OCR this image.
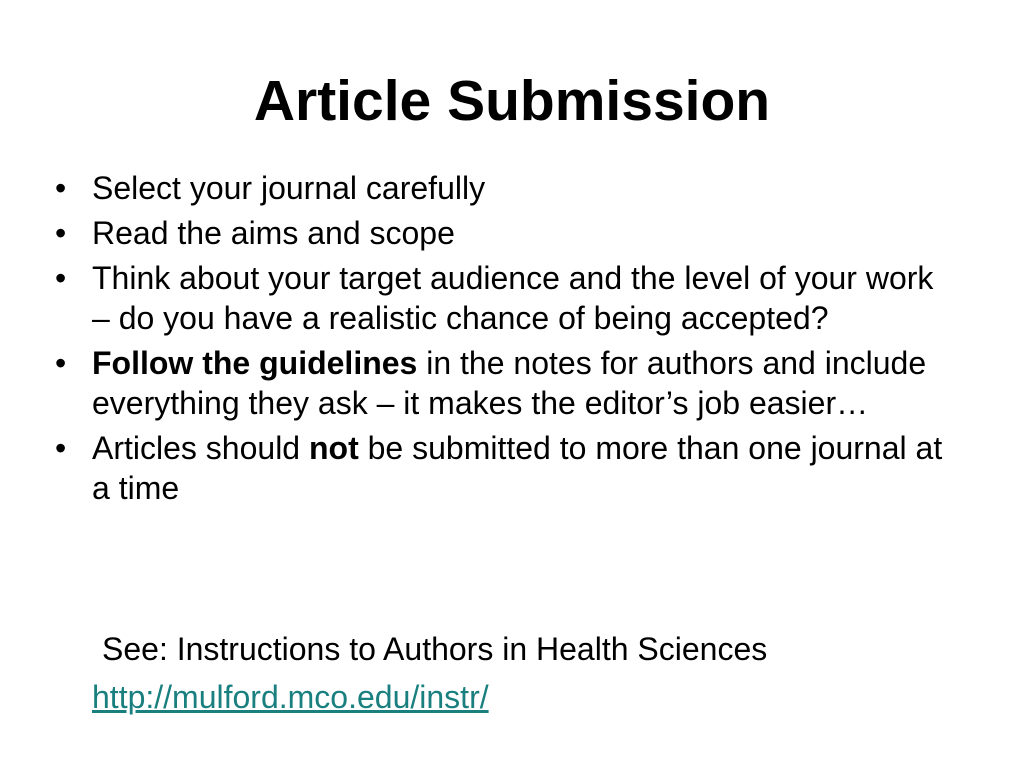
Article Submission
• Select your journal carefully
• Read the aims and scope
• Think about your target audience and the level of your work – do you have a realistic chance of being accepted?
• Follow the guidelines in the notes for authors and include everything they ask – it makes the editor’s job easier…
• Articles should not be submitted to more than one journal at a time

See: Instructions to Authors in Health Sciences

http://mulford.mco.edu/instr/
